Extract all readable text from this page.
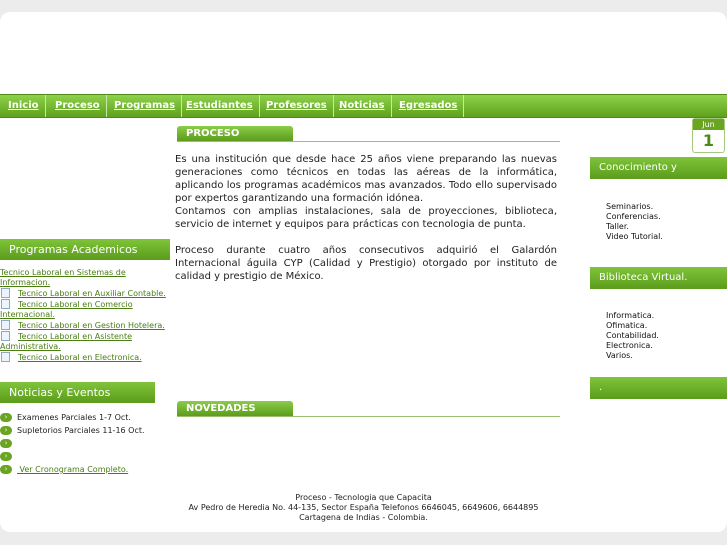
Inicio	Proceso	Programas	Estudiantes	Profesores	Noticias	Egresados
Programas Academicos
Tecnico Laboral en Sistemas de Informacion.
Tecnico Laboral en Auxiliar Contable.
Tecnico Laboral en Comercio Internacional.
Tecnico Laboral en Gestion Hotelera.
Tecnico Laboral en Asistente Administrativa.
Tecnico Laboral en Electronica.
Noticias y Eventos
› Examenes Parciales 1-7 Oct.
› Supletorios Parciales 11-16 Oct.
›
›
› Ver Cronograma Completo.
PROCESO
Es una institución que desde hace 25 años viene preparando las nuevas generaciones como técnicos en todas las aéreas de la informática, aplicando los programas académicos mas avanzados. Todo ello supervisado por expertos garantizando una formación idónea.
Contamos con amplias instalaciones, sala de proyecciones, biblioteca, servicio de internet y equipos para prácticas con tecnologia de punta.
Proceso durante cuatro años consecutivos adquirió el Galardón Internacional águila CYP (Calidad y Prestigio) otorgado por instituto de calidad y prestigio de México.
NOVEDADES
Jun
1
Conocimiento y
Seminarios.
Conferencias.
Taller.
Video Tutorial.
Biblioteca Virtual.
Informatica.
Ofimatica.
Contabilidad.
Electronica.
Varios.
.
Proceso - Tecnologia que Capacita
Av Pedro de Heredia No. 44-135, Sector España Telefonos 6646045, 6649606, 6644895
Cartagena de Indias - Colombia.
